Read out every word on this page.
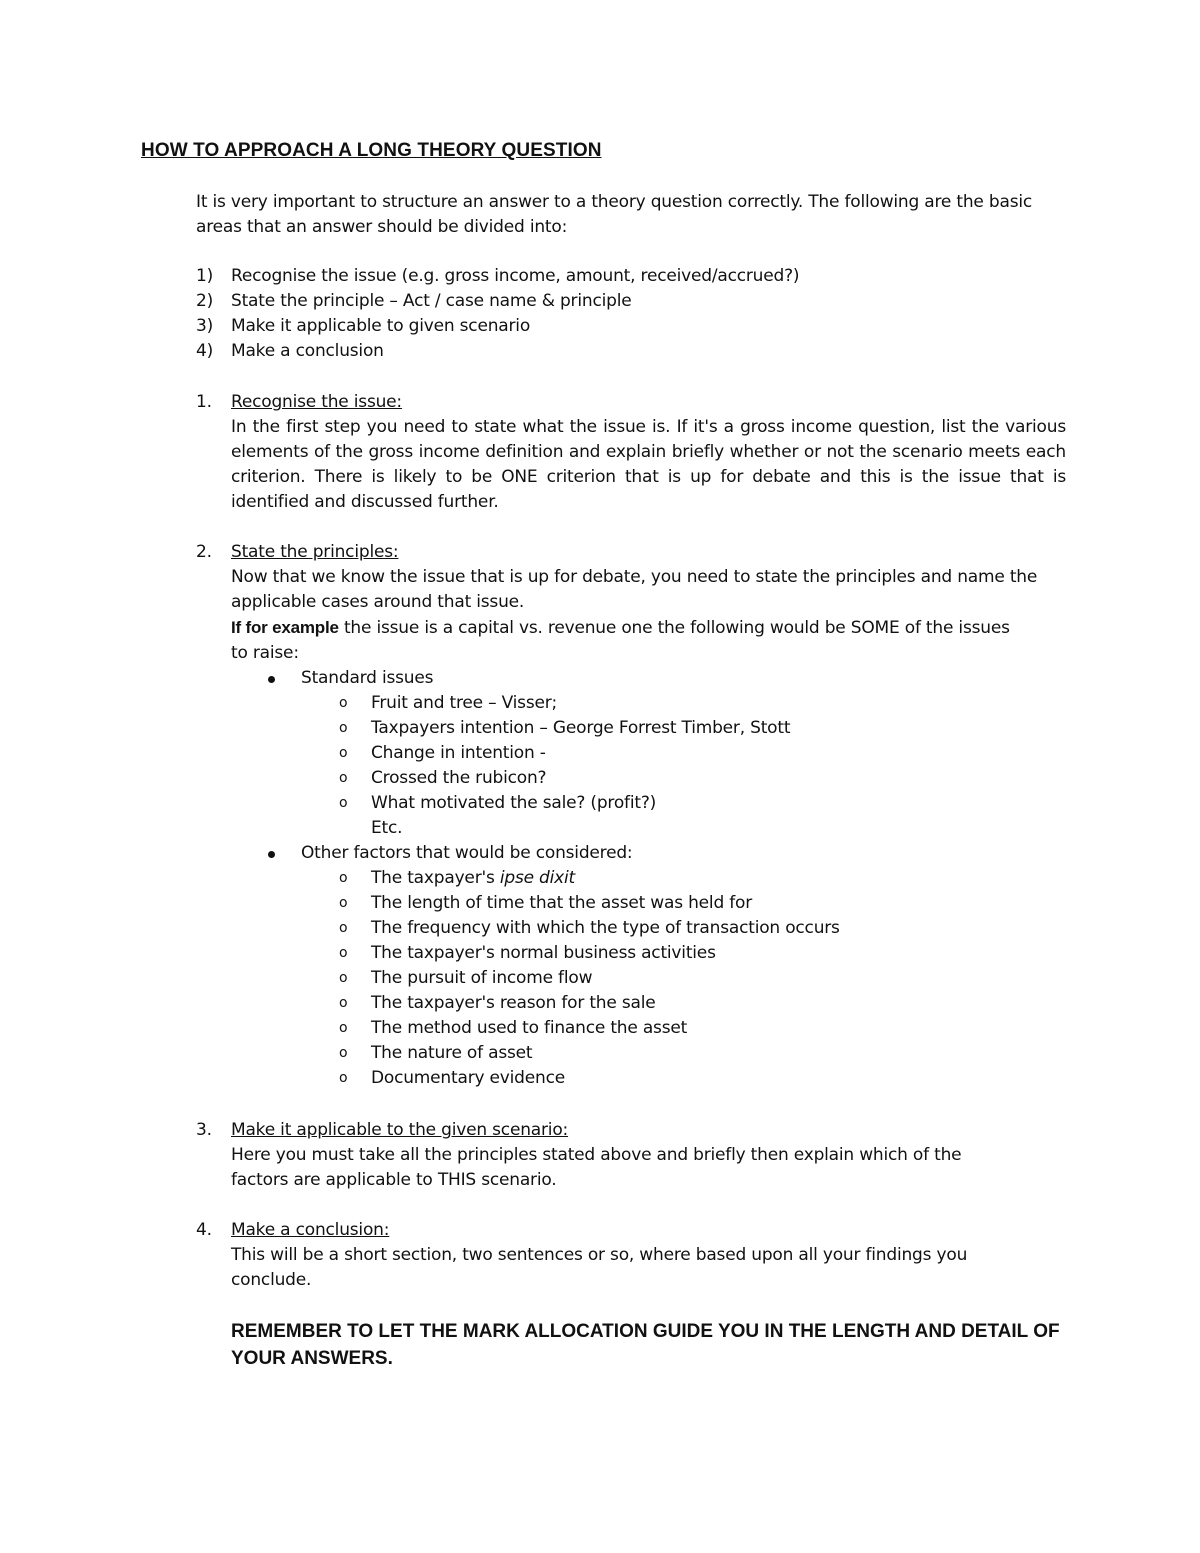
HOW TO APPROACH A LONG THEORY QUESTION

It is very important to structure an answer to a theory question correctly. The following are the basic areas that an answer should be divided into:

1) Recognise the issue (e.g. gross income, amount, received/accrued?)
2) State the principle – Act / case name & principle
3) Make it applicable to given scenario
4) Make a conclusion
1. Recognise the issue:

In the first step you need to state what the issue is. If it's a gross income question, list the various elements of the gross income definition and explain briefly whether or not the scenario meets each criterion. There is likely to be ONE criterion that is up for debate and this is the issue that is identified and discussed further.

2. State the principles:

Now that we know the issue that is up for debate, you need to state the principles and name the applicable cases around that issue.

If for example the issue is a capital vs. revenue one the following would be SOME of the issues to raise:

Standard issues
o Fruit and tree – Visser;
o Taxpayers intention – George Forrest Timber, Stott
o Change in intention -
o Crossed the rubicon?
o What motivated the sale? (profit?)
Etc.
Other factors that would be considered:
o The taxpayer's ipse dixit
o The length of time that the asset was held for
o The frequency with which the type of transaction occurs
o The taxpayer's normal business activities
o The pursuit of income flow
o The taxpayer's reason for the sale
o The method used to finance the asset
o The nature of asset
o Documentary evidence
3. Make it applicable to the given scenario:

Here you must take all the principles stated above and briefly then explain which of the factors are applicable to THIS scenario.

4. Make a conclusion:

This will be a short section, two sentences or so, where based upon all your findings you conclude.

REMEMBER TO LET THE MARK ALLOCATION GUIDE YOU IN THE LENGTH AND DETAIL OF YOUR ANSWERS.
